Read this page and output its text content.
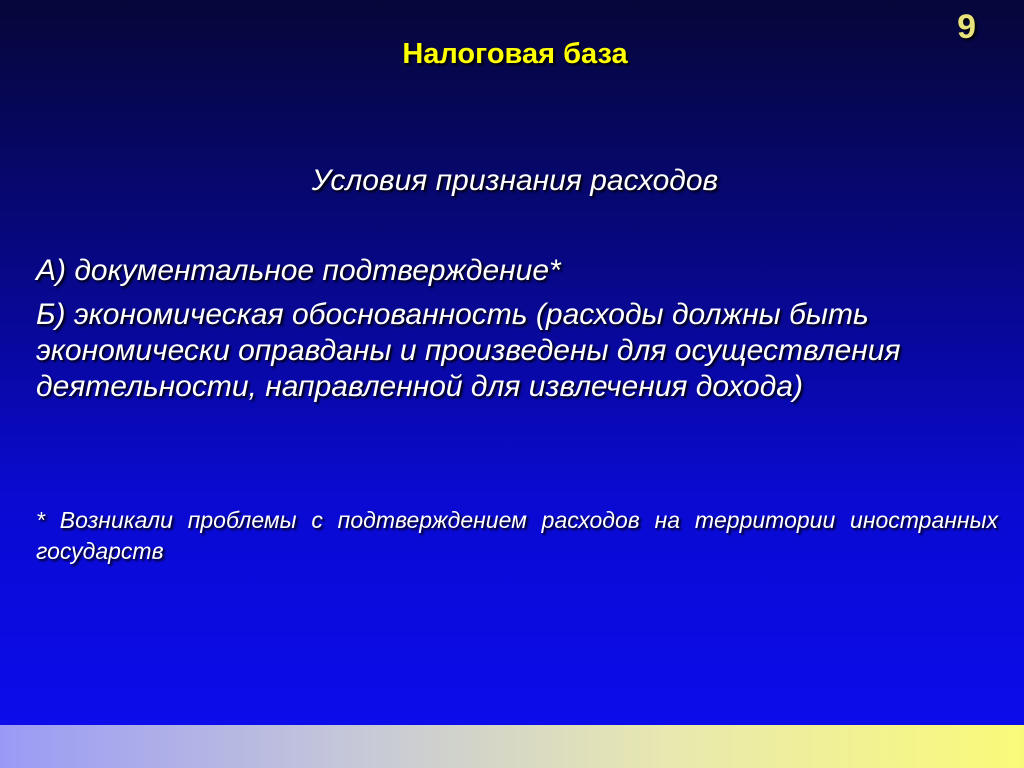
9
Налоговая база
Условия признания расходов
А) документальное подтверждение*
Б) экономическая обоснованность (расходы должны быть экономически оправданы и произведены для осуществления деятельности, направленной для извлечения дохода)
* Возникали проблемы с подтверждением расходов на территории иностранных государств
